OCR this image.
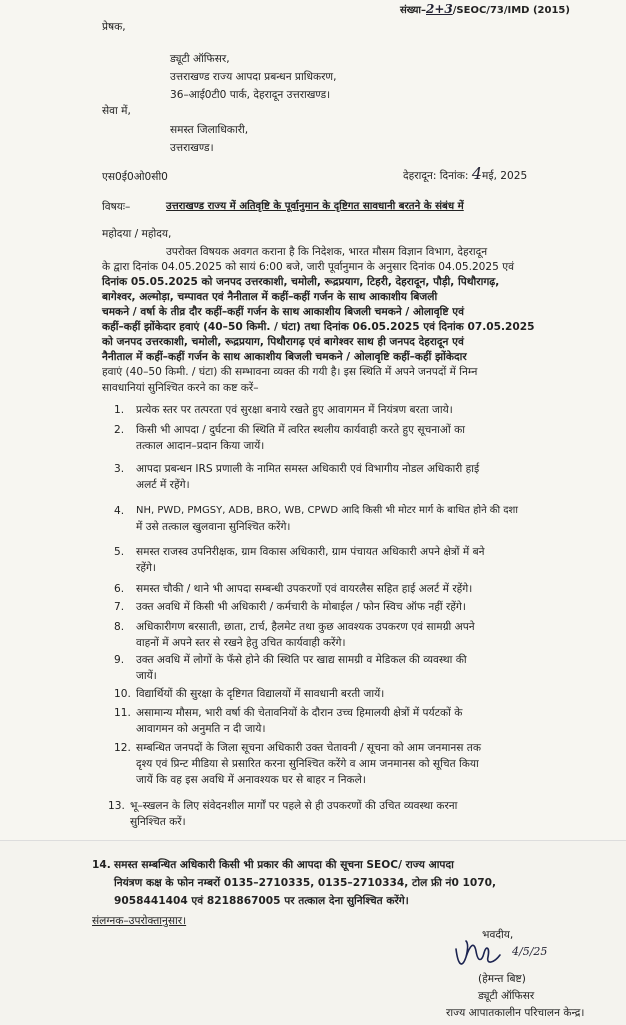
संख्या–2+3/SEOC/73/IMD (2015)
प्रेषक,
ड्यूटी ऑफिसर,
उत्तराखण्ड राज्य आपदा प्रबन्धन प्राधिकरण,
36–आई0टी0 पार्क, देहरादून उत्तराखण्ड।
सेवा में,
समस्त जिलाधिकारी,
उत्तराखण्ड।
एस0ई0ओ0सी0	देहरादून: दिनांक: 4मई, 2025
विषयः–	उत्तराखण्ड राज्य में अतिवृष्टि के पूर्वानुमान के दृष्टिगत सावधानी बरतने के संबंध में
महोदया / महोदय,
उपरोक्त विषयक अवगत कराना है कि निदेशक, भारत मौसम विज्ञान विभाग, देहरादून
के द्वारा दिनांक 04.05.2025 को सायं 6:00 बजे, जारी पूर्वानुमान के अनुसार दिनांक 04.05.2025 एवं
दिनांक 05.05.2025 को जनपद उत्तरकाशी, चमोली, रूद्रप्रयाग, टिहरी, देहरादून, पौड़ी, पिथौरागढ़,
बागेश्वर, अल्मोड़ा, चम्पावत एवं नैनीताल में कहीं–कहीं गर्जन के साथ आकाशीय बिजली
चमकने / वर्षा के तीव्र दौर कहीं–कहीं गर्जन के साथ आकाशीय बिजली चमकने / ओलावृष्टि एवं
कहीं–कहीं झोंकेदार हवाएं (40–50 किमी. / घंटा) तथा दिनांक 06.05.2025 एवं दिनांक 07.05.2025
को जनपद उत्तरकाशी, चमोली, रूद्रप्रयाग, पिथौरागढ़ एवं बागेश्वर साथ ही जनपद देहरादून एवं
नैनीताल में कहीं–कहीं गर्जन के साथ आकाशीय बिजली चमकने / ओलावृष्टि कहीं–कहीं झोंकेदार
हवाएं (40–50 किमी. / घंटा) की सम्भावना व्यक्त की गयी है। इस स्थिति में अपने जनपदों में निम्न
सावधानियां सुनिश्चित करने का कष्ट करें–
1. प्रत्येक स्तर पर तत्परता एवं सुरक्षा बनाये रखते हुए आवागमन में नियंत्रण बरता जाये।
2. किसी भी आपदा / दुर्घटना की स्थिति में त्वरित स्थलीय कार्यवाही करते हुए सूचनाओं का
तत्काल आदान–प्रदान किया जायें।
3. आपदा प्रबन्धन IRS प्रणाली के नामित समस्त अधिकारी एवं विभागीय नोडल अधिकारी हाई
अलर्ट में रहेंगे।
4. NH, PWD, PMGSY, ADB, BRO, WB, CPWD आदि किसी भी मोटर मार्ग के बाधित होने की दशा
में उसे तत्काल खुलवाना सुनिश्चित करेंगे।
5. समस्त राजस्व उपनिरीक्षक, ग्राम विकास अधिकारी, ग्राम पंचायत अधिकारी अपने क्षेत्रों में बने
रहेंगे।
6. समस्त चौकी / थाने भी आपदा सम्बन्धी उपकरणों एवं वायरलैस सहित हाई अलर्ट में रहेंगे।
7. उक्त अवधि में किसी भी अधिकारी / कर्मचारी के मोबाईल / फोन स्विच ऑफ नहीं रहेंगे।
8. अधिकारीगण बरसाती, छाता, टार्च, हैलमेट तथा कुछ आवश्यक उपकरण एवं सामग्री अपने
वाहनों में अपने स्तर से रखने हेतु उचित कार्यवाही करेंगे।
9. उक्त अवधि में लोगों के फँसे होने की स्थिति पर खाद्य सामग्री व मेडिकल की व्यवस्था की
जायें।
10. विद्यार्थियों की सुरक्षा के दृष्टिगत विद्यालयों में सावधानी बरती जायें।
11. असामान्य मौसम, भारी वर्षा की चेतावनियों के दौरान उच्च हिमालयी क्षेत्रों में पर्यटकों के
आवागमन को अनुमति न दी जाये।
12. सम्बन्धित जनपदों के जिला सूचना अधिकारी उक्त चेतावनी / सूचना को आम जनमानस तक
दृश्य एवं प्रिन्ट मीडिया से प्रसारित करना सुनिश्चित करेंगे व आम जनमानस को सूचित किया
जायें कि वह इस अवधि में अनावश्यक घर से बाहर न निकले।
13. भू–स्खलन के लिए संवेदनशील मार्गों पर पहले से ही उपकरणों की उचित व्यवस्था करना
सुनिश्चित करें।
14. समस्त सम्बन्धित अधिकारी किसी भी प्रकार की आपदा की सूचना SEOC/ राज्य आपदा
नियंत्रण कक्ष के फोन नम्बरों 0135–2710335, 0135–2710334, टोल फ्री नं0 1070,
9058441404 एवं 8218867005 पर तत्काल देना सुनिश्चित करेंगे।
संलग्नक–उपरोक्तानुसार।
भवदीय,
4/5/25
(हेमन्त बिष्ट)
ड्यूटी ऑफिसर
राज्य आपातकालीन परिचालन केन्द्र।
